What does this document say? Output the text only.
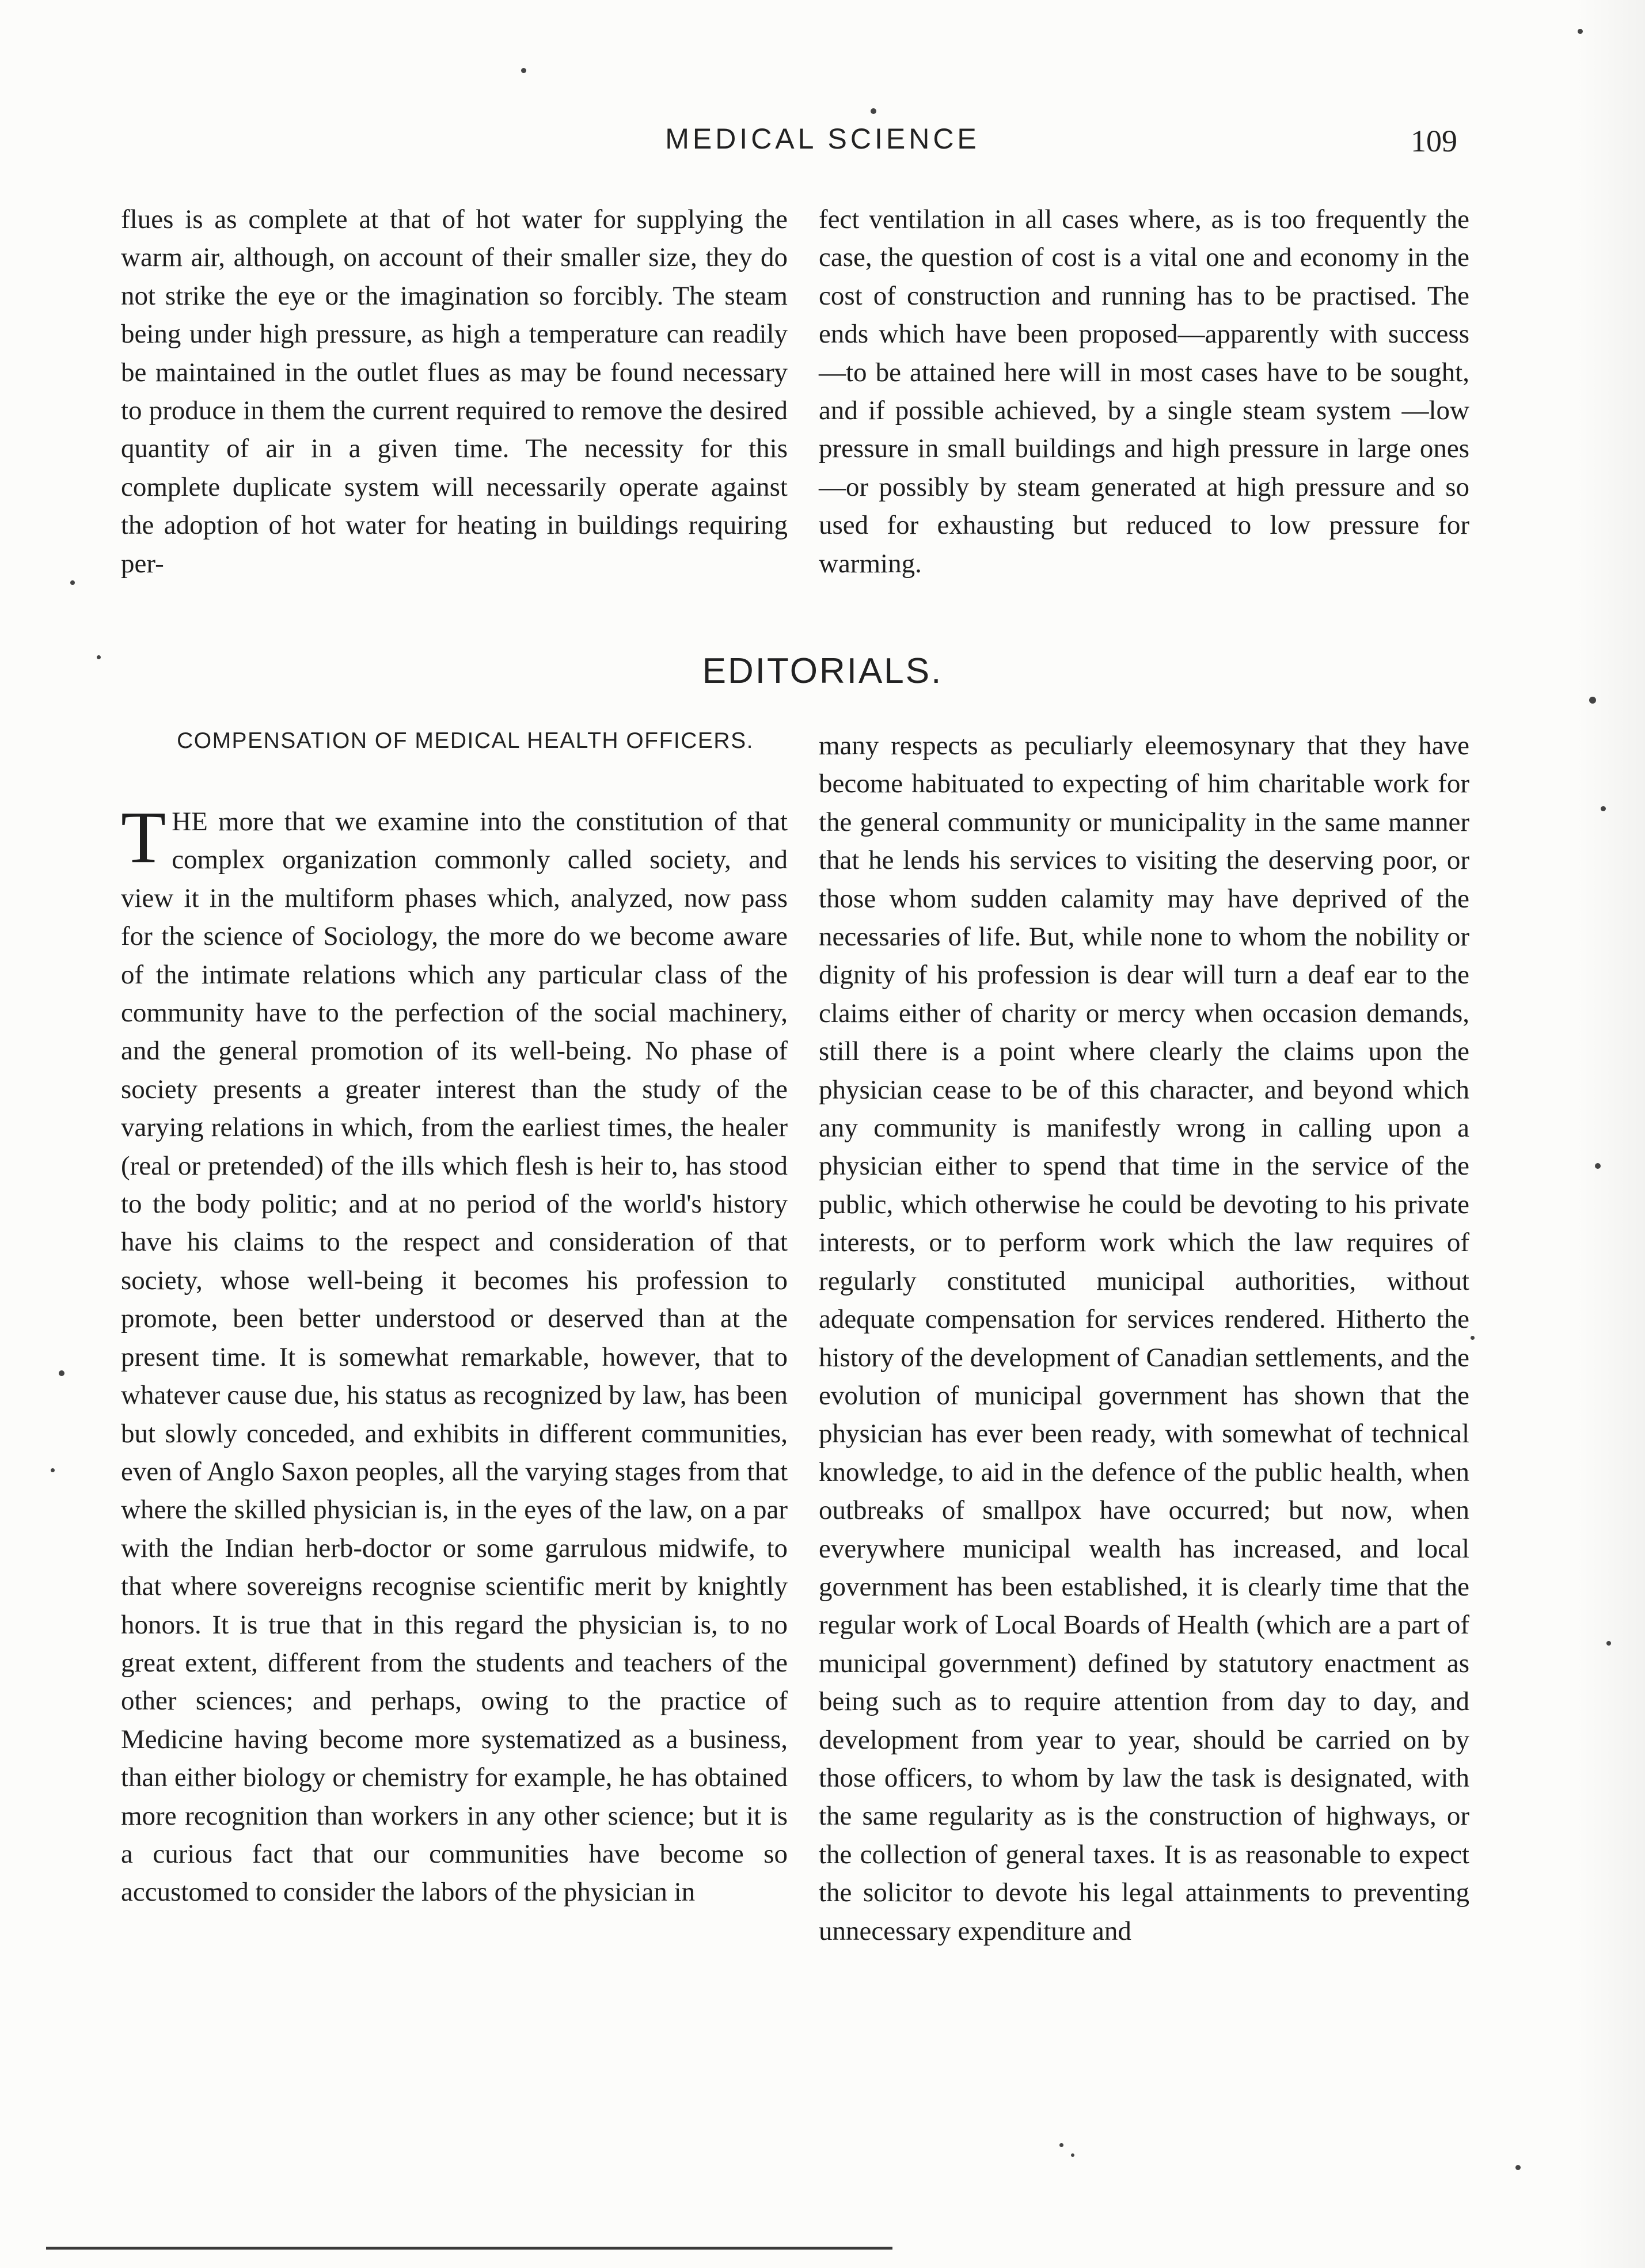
MEDICAL SCIENCE	109

flues is as complete at that of hot water for supplying the warm air, although, on account of their smaller size, they do not strike the eye or the imagination so forcibly. The steam being under high pressure, as high a temperature can readily be maintained in the outlet flues as may be found necessary to produce in them the current required to remove the desired quantity of air in a given time. The necessity for this complete duplicate system will necessarily operate against the adoption of hot water for heating in buildings requiring per-

fect ventilation in all cases where, as is too frequently the case, the question of cost is a vital one and economy in the cost of construction and running has to be practised. The ends which have been proposed—apparently with success—to be attained here will in most cases have to be sought, and if possible achieved, by a single steam system —low pressure in small buildings and high pressure in large ones—or possibly by steam generated at high pressure and so used for exhausting but reduced to low pressure for warming.

EDITORIALS.
COMPENSATION OF MEDICAL HEALTH OFFICERS.

THE more that we examine into the constitution of that complex organization commonly called society, and view it in the multiform phases which, analyzed, now pass for the science of Sociology, the more do we become aware of the intimate relations which any particular class of the community have to the perfection of the social machinery, and the general promotion of its well-being. No phase of society presents a greater interest than the study of the varying relations in which, from the earliest times, the healer (real or pretended) of the ills which flesh is heir to, has stood to the body politic; and at no period of the world's history have his claims to the respect and consideration of that society, whose well-being it becomes his profession to promote, been better understood or deserved than at the present time. It is somewhat remarkable, however, that to whatever cause due, his status as recognized by law, has been but slowly conceded, and exhibits in different communities, even of Anglo Saxon peoples, all the varying stages from that where the skilled physician is, in the eyes of the law, on a par with the Indian herb-doctor or some garrulous midwife, to that where sovereigns recognise scientific merit by knightly honors. It is true that in this regard the physician is, to no great extent, different from the students and teachers of the other sciences; and perhaps, owing to the practice of Medicine having become more systematized as a business, than either biology or chemistry for example, he has obtained more recognition than workers in any other science; but it is a curious fact that our communities have become so accustomed to consider the labors of the physician in

many respects as peculiarly eleemosynary that they have become habituated to expecting of him charitable work for the general community or municipality in the same manner that he lends his services to visiting the deserving poor, or those whom sudden calamity may have deprived of the necessaries of life. But, while none to whom the nobility or dignity of his profession is dear will turn a deaf ear to the claims either of charity or mercy when occasion demands, still there is a point where clearly the claims upon the physician cease to be of this character, and beyond which any community is manifestly wrong in calling upon a physician either to spend that time in the service of the public, which otherwise he could be devoting to his private interests, or to perform work which the law requires of regularly constituted municipal authorities, without adequate compensation for services rendered. Hitherto the history of the development of Canadian settlements, and the evolution of municipal government has shown that the physician has ever been ready, with somewhat of technical knowledge, to aid in the defence of the public health, when outbreaks of smallpox have occurred; but now, when everywhere municipal wealth has increased, and local government has been established, it is clearly time that the regular work of Local Boards of Health (which are a part of municipal government) defined by statutory enactment as being such as to require attention from day to day, and development from year to year, should be carried on by those officers, to whom by law the task is designated, with the same regularity as is the construction of highways, or the collection of general taxes. It is as reasonable to expect the solicitor to devote his legal attainments to preventing unnecessary expenditure and
